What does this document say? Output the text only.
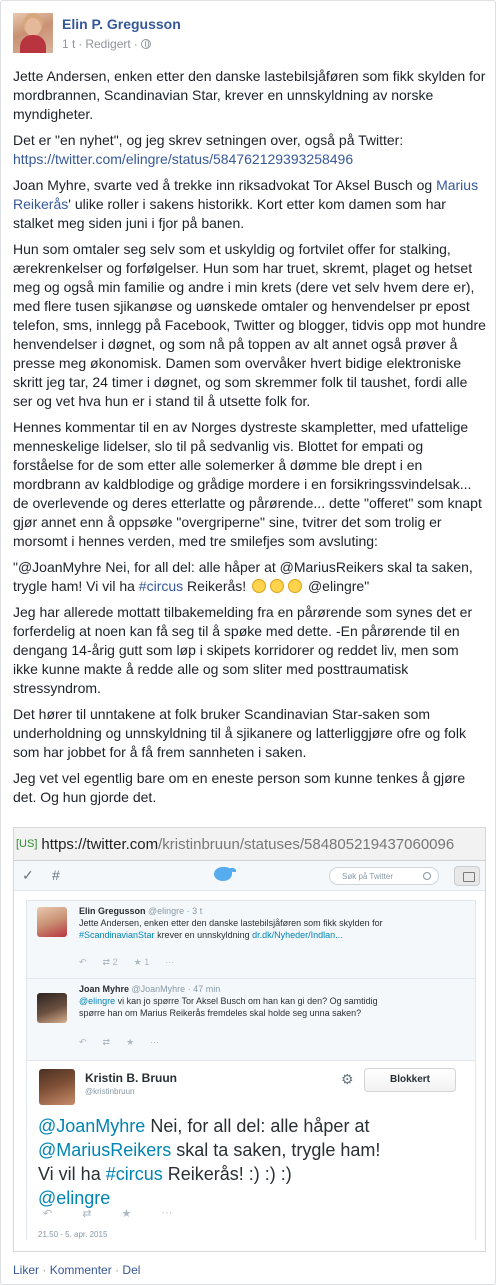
Elin P. Gregusson
1 t · Redigert ·

Jette Andersen, enken etter den danske lastebilsjåføren som fikk skylden for mordbrannen, Scandinavian Star, krever en unnskyldning av norske myndigheter.

Det er "en nyhet", og jeg skrev setningen over, også på Twitter:
https://twitter.com/elingre/status/584762129393258496

Joan Myhre, svarte ved å trekke inn riksadvokat Tor Aksel Busch og Marius Reikerås' ulike roller i sakens historikk. Kort etter kom damen som har stalket meg siden juni i fjor på banen.

Hun som omtaler seg selv som et uskyldig og fortvilet offer for stalking, ærekrenkelser og forfølgelser. Hun som har truet, skremt, plaget og hetset meg og også min familie og andre i min krets (dere vet selv hvem dere er), med flere tusen sjikanøse og uønskede omtaler og henvendelser pr epost telefon, sms, innlegg på Facebook, Twitter og blogger, tidvis opp mot hundre henvendelser i døgnet, og som nå på toppen av alt annet også prøver å presse meg økonomisk. Damen som overvåker hvert bidige elektroniske skritt jeg tar, 24 timer i døgnet, og som skremmer folk til taushet, fordi alle ser og vet hva hun er i stand til å utsette folk for.

Hennes kommentar til en av Norges dystreste skampletter, med ufattelige menneskelige lidelser, slo til på sedvanlig vis. Blottet for empati og forståelse for de som etter alle solemerker å dømme ble drept i en mordbrann av kaldblodige og grådige mordere i en forsikringssvindelsak... de overlevende og deres etterlatte og pårørende... dette "offeret" som knapt gjør annet enn å oppsøke "overgriperne" sine, tvitrer det som trolig er morsomt i hennes verden, med tre smilefjes som avsluting:

"@JoanMyhre Nei, for all del: alle håper at @MariusReikers skal ta saken, trygle ham! Vi vil ha #circus Reikerås!	@elingre"

Jeg har allerede mottatt tilbakemelding fra en pårørende som synes det er forferdelig at noen kan få seg til å spøke med dette. -En pårørende til en dengang 14-årig gutt som løp i skipets korridorer og reddet liv, men som ikke kunne makte å redde alle og som sliter med posttraumatisk stressyndrom.

Det hører til unntakene at folk bruker Scandinavian Star-saken som underholdning og unnskyldning til å sjikanere og latterliggjøre ofre og folk som har jobbet for å få frem sannheten i saken.

Jeg vet vel egentlig bare om en eneste person som kunne tenkes å gjøre det. Og hun gjorde det.

[US] https://twitter.com /kristinbruun/statuses/584805219437060096
✓ #	Søk på Twitter
Elin Gregusson @elingre · 3 t
Jette Andersen, enken etter den danske lastebilsjåføren som fikk skylden for
#ScandinavianStar krever en unnskyldning dr.dk/Nyheder/Indlan...
↶ ⇄ 2 ★ 1 ···
Joan Myhre @JoanMyhre · 47 min
@elingre vi kan jo spørre Tor Aksel Busch om han kan gi den? Og samtidig
spørre han om Marius Reikerås fremdeles skal holde seg unna saken?
↶ ⇄ ★ ···
Kristin B. Bruun
@kristinbruun
⚙	Blokkert
@JoanMyhre Nei, for all del: alle håper at
@MariusReikers skal ta saken, trygle ham!
Vi vil ha #circus Reikerås! :) :) :)
@elingre
↶	⇄	★	···
21.50 - 5. apr. 2015
Liker · Kommenter · Del
